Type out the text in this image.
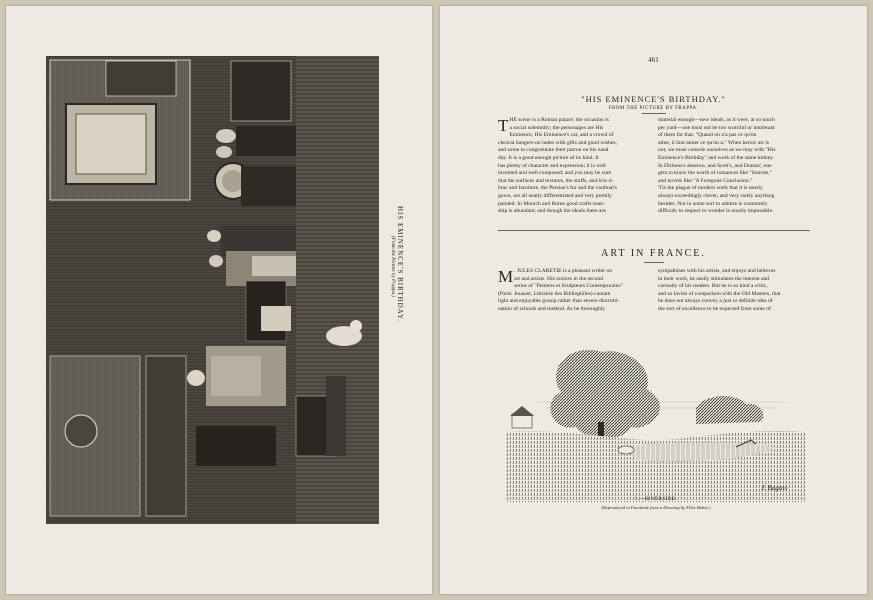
HIS EMINENCE'S BIRTHDAY.
(From the Picture by Frappa.)
461
"HIS EMINENCE'S BIRTHDAY."
FROM THE PICTURE BY FRAPPA.
T HE scene is a Roman palace; the occasion is
a social solemnity; the personages are His
Eminence, His Eminence's cat, and a crowd of
clerical hangers-on laden with gifts and good wishes,
and some to congratulate their patron on his natal
day. It is a good enough picture of its kind. It
has plenty of character and expression; it is well
invented and well composed; and you may be sure
that the surfaces and textures, the stuffs, and bric-à-
brac and furniture, the Persian's fur and the cardinal's
gown, are all neatly differentiated and very prettily
painted. In Munich and Rome good crafts-man-
ship is abundant; and though the ideals there are
material enough—new ideals, as it were, at so much
per yard—one must not be too scornful or intolerant
of them for that. "Quand on n'a pas ce qu'on
aime, il faut aimer ce qu'on a." When heroic art is
not, we must console ourselves as we may with "His
Eminence's Birthday" and work of the same kidney.
In Dickens's absence, and Scott's, and Dumas', one
gets to know the worth of romances like "Sunrise,"
and novels like "A Foregone Conclusion."
'Tis the plague of modern work that it is nearly
always exceedingly clever, and very rarely anything
besides. Not in some sort to admire is commonly
difficult; to respect or wonder is mostly impossible.
ART IN FRANCE.
M . JULES CLARETIE is a pleasant writer on
art and artists. His notices in the second
series of "Peintres et Sculpteurs Contemporains"
(Paris: Jouaust, Librairie des Bibliophiles) contain
light and enjoyable gossip rather than severe discrimi-
nation of schools and method. As he thoroughly
sympathises with his artists, and enjoys and believes
in their work, he easily stimulates the interest and
curiosity of his readers. But he is so kind a critic,
and so lavish of comparison with the Old Masters, that
he does not always convey a just or definite idea of
the sort of excellence to be expected from some of
J. Bagnis
1.—RIVERSIDE.
(Reproduced in Facsimile from a Drawing by Félix Buhot.)
